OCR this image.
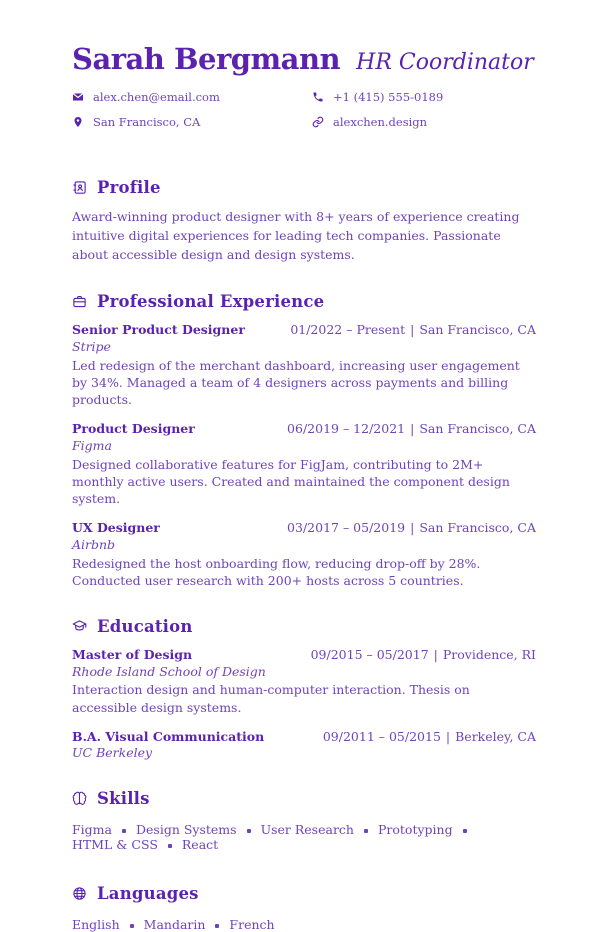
Sarah Bergmann HR Coordinator
alex.chen@email.com	+1 (415) 555-0189
San Francisco, CA	alexchen.design
Profile

Award-winning product designer with 8+ years of experience creating intuitive digital experiences for leading tech companies. Passionate about accessible design and design systems.

Professional Experience
Senior Product Designer	01/2022 – Present | San Francisco, CA
Stripe
Led redesign of the merchant dashboard, increasing user engagement by 34%. Managed a team of 4 designers across payments and billing products.
Product Designer	06/2019 – 12/2021 | San Francisco, CA
Figma
Designed collaborative features for FigJam, contributing to 2M+ monthly active users. Created and maintained the component design system.
UX Designer	03/2017 – 05/2019 | San Francisco, CA
Airbnb
Redesigned the host onboarding flow, reducing drop-off by 28%. Conducted user research with 200+ hosts across 5 countries.
Education
Master of Design	09/2015 – 05/2017 | Providence, RI
Rhode Island School of Design
Interaction design and human-computer interaction. Thesis on accessible design systems.
B.A. Visual Communication	09/2011 – 05/2015 | Berkeley, CA
UC Berkeley
Skills
Figma Design Systems User Research Prototyping
HTML & CSS React
Languages
English Mandarin French
